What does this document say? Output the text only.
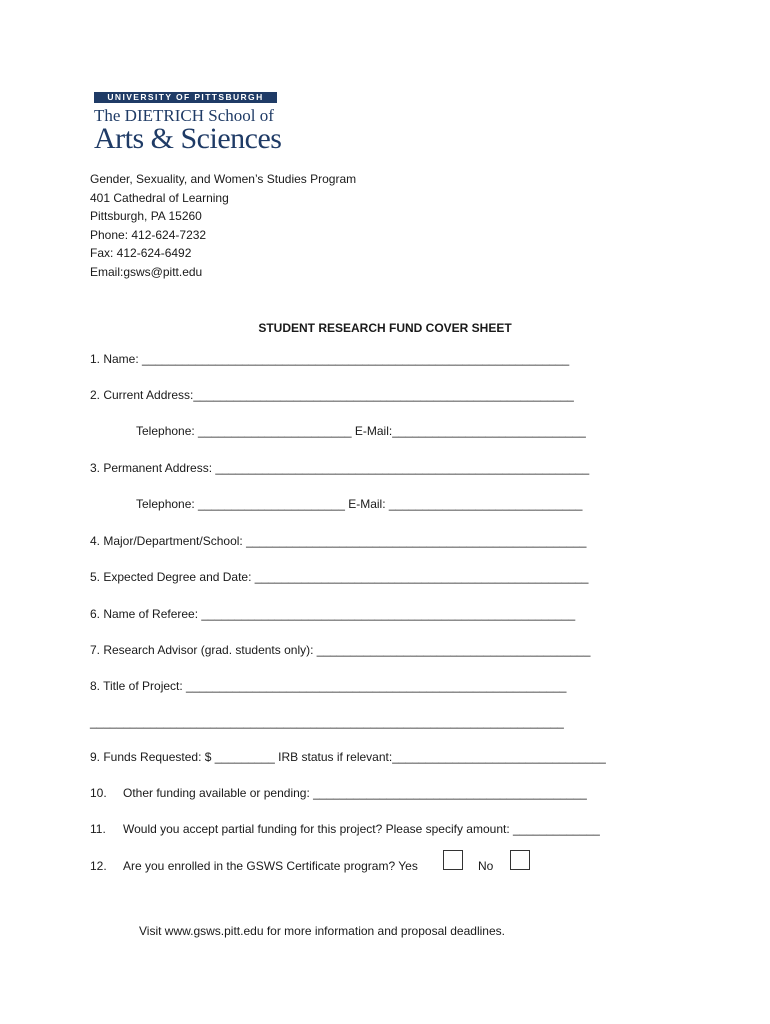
UNIVERSITY OF PITTSBURGH
The DIETRICH School of
Arts & Sciences
Gender, Sexuality, and Women’s Studies Program
401 Cathedral of Learning
Pittsburgh, PA 15260
Phone: 412-624-7232
Fax: 412-624-6492
Email:gsws@pitt.edu
STUDENT RESEARCH FUND COVER SHEET
1. Name: ________________________________________________________________
2. Current Address:_________________________________________________________
Telephone: _______________________ E-Mail:_____________________________
3. Permanent Address: ________________________________________________________
Telephone: ______________________ E-Mail: _____________________________
4. Major/Department/School: ___________________________________________________
5. Expected Degree and Date: __________________________________________________
6. Name of Referee: ________________________________________________________
7. Research Advisor (grad. students only): _________________________________________
8. Title of Project: _________________________________________________________
_______________________________________________________________________
9. Funds Requested: $ _________ IRB status if relevant:________________________________
10. Other funding available or pending: _________________________________________
11. Would you accept partial funding for this project? Please specify amount: _____________
12. Are you enrolled in the GSWS Certificate program? Yes	No
Visit www.gsws.pitt.edu for more information and proposal deadlines.
